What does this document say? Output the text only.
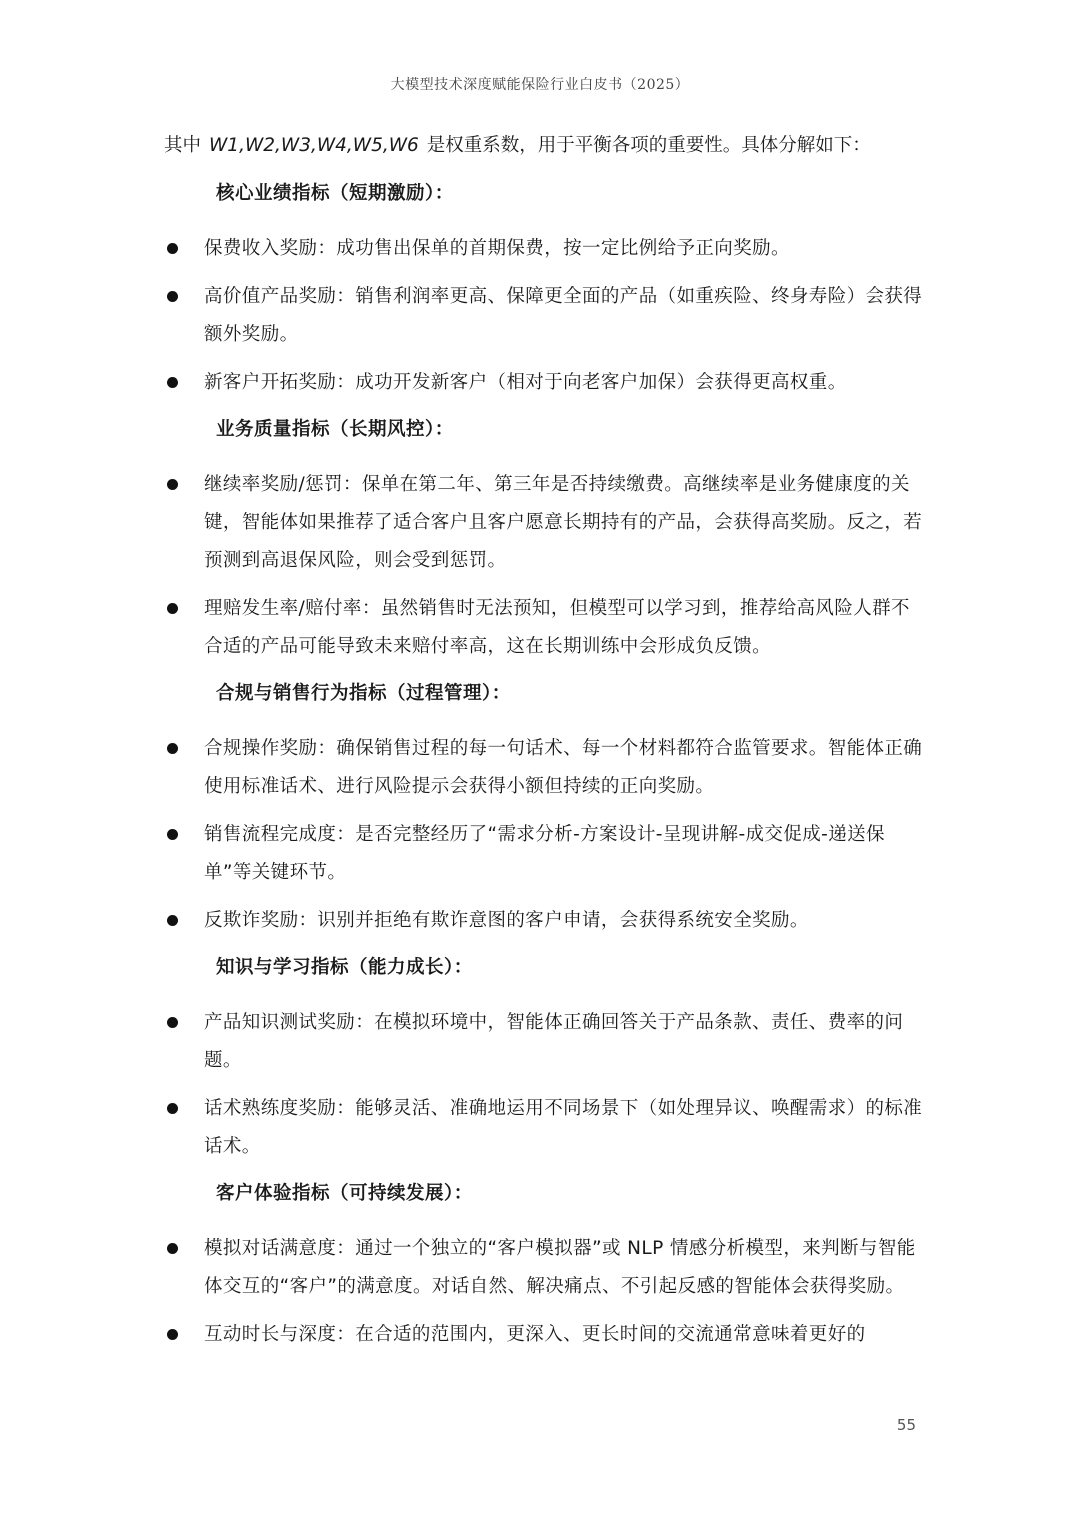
大模型技术深度赋能保险行业白皮书（2025）

其中 W1,W2,W3,W4,W5,W6 是权重系数，用于平衡各项的重要性。具体分解如下：

核心业绩指标（短期激励）：
保费收入奖励：成功售出保单的首期保费，按一定比例给予正向奖励。
高价值产品奖励：销售利润率更高、保障更全面的产品（如重疾险、终身寿险）会获得额外奖励。
新客户开拓奖励：成功开发新客户（相对于向老客户加保）会获得更高权重。
业务质量指标（长期风控）：
继续率奖励/惩罚：保单在第二年、第三年是否持续缴费。高继续率是业务健康度的关键，智能体如果推荐了适合客户且客户愿意长期持有的产品，会获得高奖励。反之，若预测到高退保风险，则会受到惩罚。
理赔发生率/赔付率：虽然销售时无法预知，但模型可以学习到，推荐给高风险人群不合适的产品可能导致未来赔付率高，这在长期训练中会形成负反馈。
合规与销售行为指标（过程管理）：
合规操作奖励：确保销售过程的每一句话术、每一个材料都符合监管要求。智能体正确使用标准话术、进行风险提示会获得小额但持续的正向奖励。
销售流程完成度：是否完整经历了“需求分析-方案设计-呈现讲解-成交促成-递送保单”等关键环节。
反欺诈奖励：识别并拒绝有欺诈意图的客户申请，会获得系统安全奖励。
知识与学习指标（能力成长）：
产品知识测试奖励：在模拟环境中，智能体正确回答关于产品条款、责任、费率的问题。
话术熟练度奖励：能够灵活、准确地运用不同场景下（如处理异议、唤醒需求）的标准话术。
客户体验指标（可持续发展）：
模拟对话满意度：通过一个独立的“客户模拟器”或 NLP 情感分析模型，来判断与智能体交互的“客户”的满意度。对话自然、解决痛点、不引起反感的智能体会获得奖励。
互动时长与深度：在合适的范围内，更深入、更长时间的交流通常意味着更好的
55
